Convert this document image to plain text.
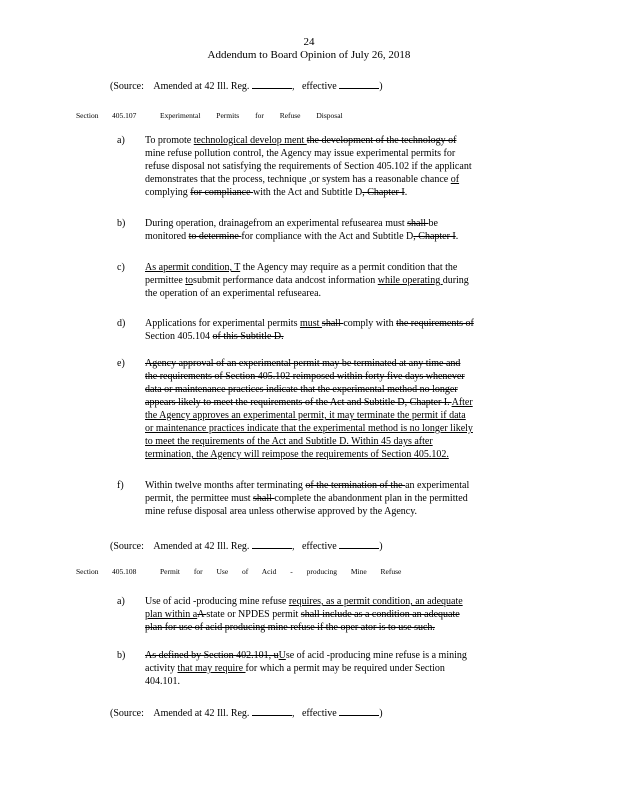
24
Addendum to Board Opinion of July 26, 2018
(Source: Amended at 42 Ill. Reg.	,   effective	)
Section 405.107	Experimental Permits for Refuse Disposal
a) To promote technological develop ment the development of the technology of
mine refuse pollution control, the Agency may issue experimental permits for
refuse disposal not satisfying the requirements of Section 405.102 if the applicant
demonstrates that the process, technique ,or system has a reasonable chance of
complying for compliance with the Act and Subtitle D, Chapter I.
b) During operation, drainagefrom an experimental refusearea must shall be
monitored to determine for compliance with the Act and Subtitle D, Chapter I.
c) As apermit condition, T the Agency may require as a permit condition that the
permittee tosubmit performance data andcost information while operating during
the operation of an experimental refusearea.
d) Applications for experimental permits must shall comply with the requirements of
Section 405.104 of this Subtitle D.
e) Agency approval of an experimental permit may be terminated at any time and
the requirements of Section 405.102 reimposed within forty five days whenever
data or maintenance practices indicate that the experimental method no longer
appears likely to meet the requirements of the Act and Subtitle D, Chapter I. After
the Agency approves an experimental permit, it may terminate the permit if data
or maintenance practices indicate that the experimental method is no longer likely
to meet the requirements of the Act and Subtitle D. Within 45 days after
termination, the Agency will reimpose the requirements of Section 405.102.
f) Within twelve months after terminating of the termination of the an experimental
permit, the permittee must shall complete the abandonment plan in the permitted
mine refuse disposal area unless otherwise approved by the Agency.
(Source: Amended at 42 Ill. Reg.	,   effective	)
Section 405.108	Permit for Use of Acid - producing Mine Refuse
a) Use of acid -producing mine refuse requires, as a permit condition, an adequate
plan within aA state or NPDES permit shall include as a condition an adequate
plan for use of acid producing mine refuse if the oper ator is to use such.
b) As defined by Section 402.101, uUse of acid -producing mine refuse is a mining
activity that may require for which a permit may be required under Section
404.101.
(Source: Amended at 42 Ill. Reg.	,   effective	)
